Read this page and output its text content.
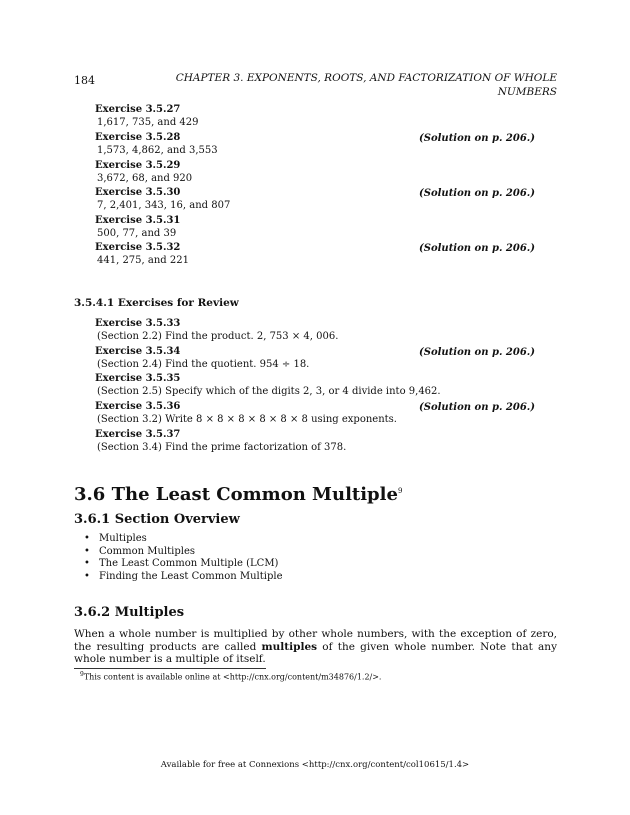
184	CHAPTER 3. EXPONENTS, ROOTS, AND FACTORIZATION OF WHOLE
NUMBERS
Exercise 3.5.27
1,617, 735, and 429
Exercise 3.5.28
1,573, 4,862, and 3,553
(Solution on p. 206.)
Exercise 3.5.29
3,672, 68, and 920
Exercise 3.5.30
7, 2,401, 343, 16, and 807
(Solution on p. 206.)
Exercise 3.5.31
500, 77, and 39
Exercise 3.5.32
441, 275, and 221
(Solution on p. 206.)
3.5.4.1 Exercises for Review
Exercise 3.5.33
(Section 2.2) Find the product. 2, 753 × 4, 006.
Exercise 3.5.34
(Section 2.4) Find the quotient. 954 ÷ 18.
(Solution on p. 206.)
Exercise 3.5.35
(Section 2.5) Specify which of the digits 2, 3, or 4 divide into 9,462.
Exercise 3.5.36
(Section 3.2) Write 8 × 8 × 8 × 8 × 8 × 8 using exponents.
(Solution on p. 206.)
Exercise 3.5.37
(Section 3.4) Find the prime factorization of 378.
3.6 The Least Common Multiple$^9$
3.6.1 Section Overview
• Multiples
• Common Multiples
• The Least Common Multiple (LCM)
• Finding the Least Common Multiple
3.6.2 Multiples
When a whole number is multiplied by other whole numbers, with the exception of zero, the resulting products are called multiples of the given whole number. Note that any whole number is a multiple of itself.
$^9$This content is available online at <http://cnx.org/content/m34876/1.2/>.
Available for free at Connexions <http://cnx.org/content/col10615/1.4>
